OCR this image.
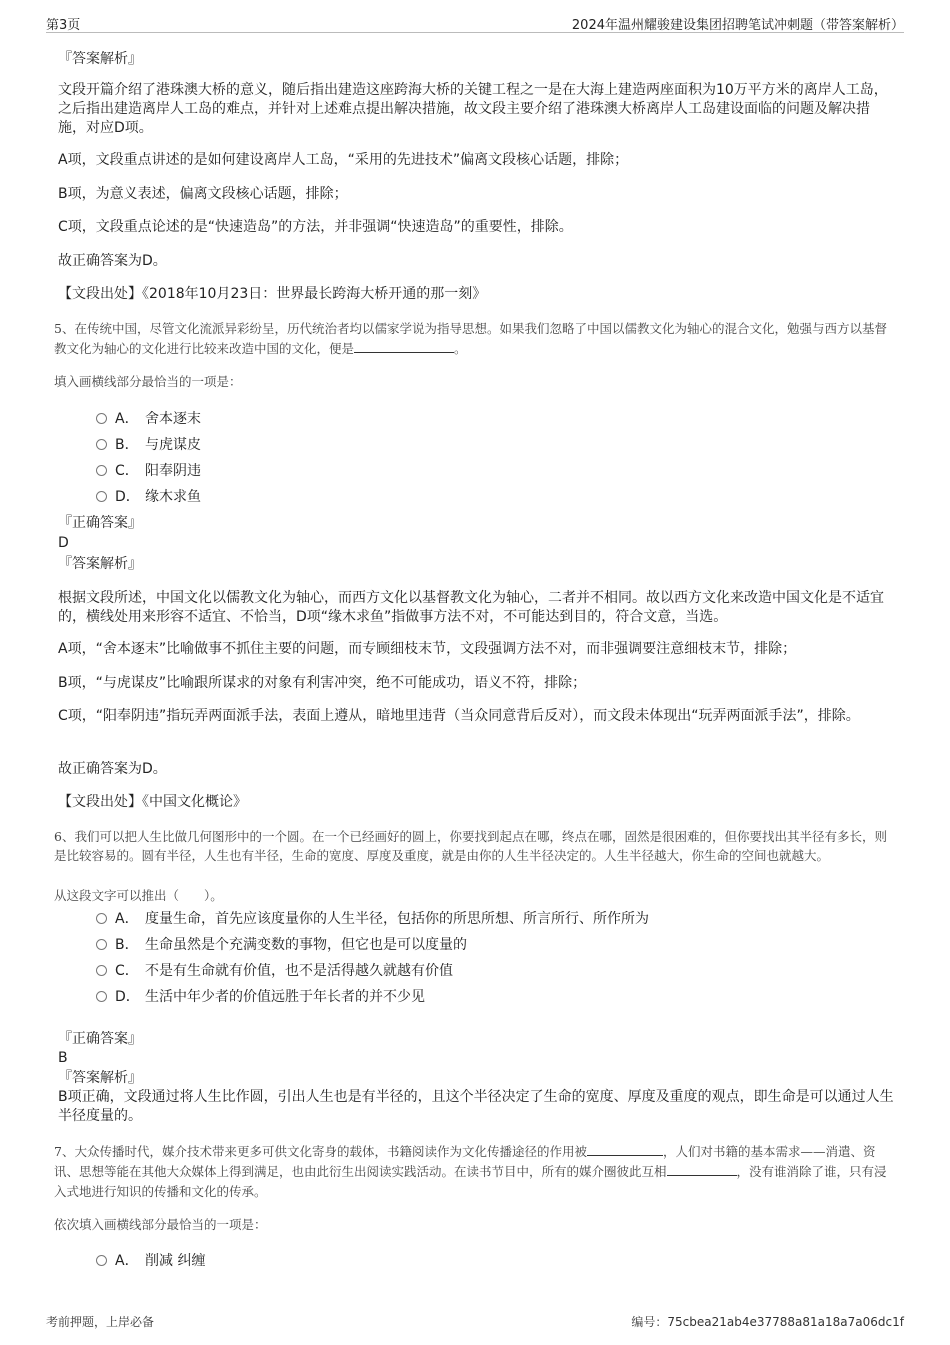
第3页	2024年温州耀骏建设集团招聘笔试冲刺题（带答案解析）
『答案解析』
文段开篇介绍了港珠澳大桥的意义，随后指出建造这座跨海大桥的关键工程之一是在大海上建造两座面积为10万平方米的离岸人工岛，之后指出建造离岸人工岛的难点，并针对上述难点提出解决措施，故文段主要介绍了港珠澳大桥离岸人工岛建设面临的问题及解决措施，对应D项。
A项，文段重点讲述的是如何建设离岸人工岛，“采用的先进技术”偏离文段核心话题，排除；
B项，为意义表述，偏离文段核心话题，排除；
C项，文段重点论述的是“快速造岛”的方法，并非强调“快速造岛”的重要性，排除。
故正确答案为D。
【文段出处】《2018年10月23日：世界最长跨海大桥开通的那一刻》
5、在传统中国，尽管文化流派异彩纷呈，历代统治者均以儒家学说为指导思想。如果我们忽略了中国以儒教文化为轴心的混合文化，勉强与西方以基督教文化为轴心的文化进行比较来改造中国的文化，便是	。
填入画横线部分最恰当的一项是：
A． 舍本逐末
B． 与虎谋皮
C． 阳奉阴违
D． 缘木求鱼
『正确答案』
D
『答案解析』
根据文段所述，中国文化以儒教文化为轴心，而西方文化以基督教文化为轴心，二者并不相同。故以西方文化来改造中国文化是不适宜的，横线处用来形容不适宜、不恰当，D项“缘木求鱼”指做事方法不对，不可能达到目的，符合文意，当选。
A项，“舍本逐末”比喻做事不抓住主要的问题，而专顾细枝末节，文段强调方法不对，而非强调要注意细枝末节，排除；
B项，“与虎谋皮”比喻跟所谋求的对象有利害冲突，绝不可能成功，语义不符，排除；
C项，“阳奉阴违”指玩弄两面派手法，表面上遵从，暗地里违背（当众同意背后反对），而文段未体现出“玩弄两面派手法”，排除。
故正确答案为D。
【文段出处】《中国文化概论》
6、我们可以把人生比做几何图形中的一个圆。在一个已经画好的圆上，你要找到起点在哪，终点在哪，固然是很困难的，但你要找出其半径有多长，则是比较容易的。圆有半径，人生也有半径，生命的宽度、厚度及重度，就是由你的人生半径决定的。人生半径越大，你生命的空间也就越大。
从这段文字可以推出（　　）。
A． 度量生命，首先应该度量你的人生半径，包括你的所思所想、所言所行、所作所为
B． 生命虽然是个充满变数的事物，但它也是可以度量的
C． 不是有生命就有价值，也不是活得越久就越有价值
D． 生活中年少者的价值远胜于年长者的并不少见
『正确答案』
B
『答案解析』
B项正确，文段通过将人生比作圆，引出人生也是有半径的，且这个半径决定了生命的宽度、厚度及重度的观点，即生命是可以通过人生半径度量的。
7、大众传播时代，媒介技术带来更多可供文化寄身的载体，书籍阅读作为文化传播途径的作用被	，人们对书籍的基本需求——消遣、资讯、思想等能在其他大众媒体上得到满足，也由此衍生出阅读实践活动。在读书节目中，所有的媒介圈彼此互相	，没有谁消除了谁，只有浸入式地进行知识的传播和文化的传承。
依次填入画横线部分最恰当的一项是：
A． 削减 纠缠
考前押题，上岸必备	编号：75cbea21ab4e37788a81a18a7a06dc1f
